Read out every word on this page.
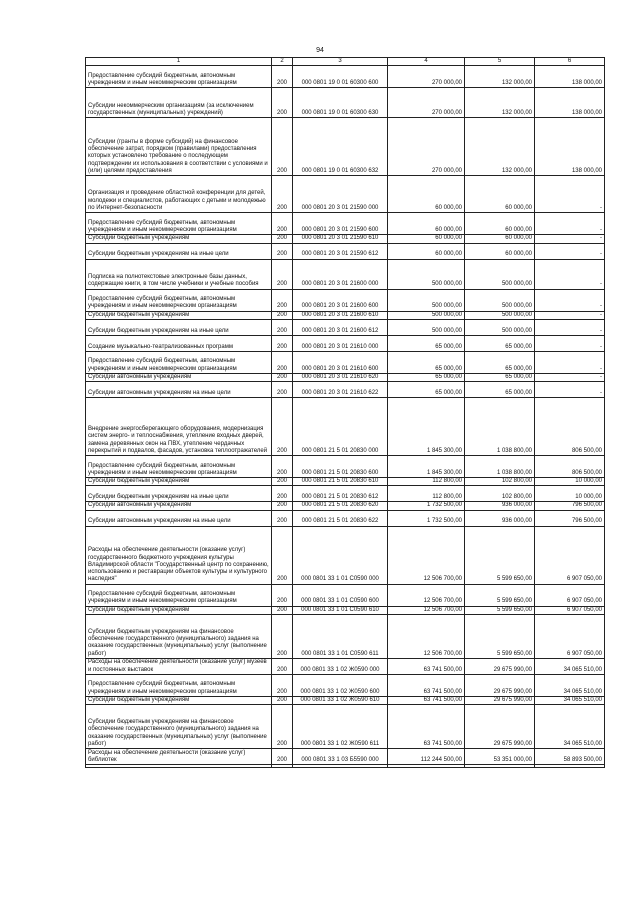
94
1	2	3	4	5	6
Предоставление субсидий бюджетным, автономным учреждениям и иным некоммерческим организациям	200	000 0801 19 0 01 60300 600	270 000,00	132 000,00	138 000,00
Субсидии некоммерческим организациям (за исключением государственных (муниципальных) учреждений)	200	000 0801 19 0 01 60300 630	270 000,00	132 000,00	138 000,00
Субсидии (гранты в форме субсидий) на финансовое обеспечение затрат, порядком (правилами) предоставления которых установлено требование о последующем подтверждении их использования в соответствии с условиями и (или) целями предоставления	200	000 0801 19 0 01 60300 632	270 000,00	132 000,00	138 000,00
Организация и проведение областной конференции для детей, молодежи и специалистов, работающих с детьми и молодежью по Интернет-безопасности	200	000 0801 20 3 01 21590 000	60 000,00	60 000,00	-
Предоставление субсидий бюджетным, автономным учреждениям и иным некоммерческим организациям	200	000 0801 20 3 01 21590 600	60 000,00	60 000,00	-
Субсидии бюджетным учреждениям	200	000 0801 20 3 01 21590 610	60 000,00	60 000,00	-
Субсидии бюджетным учреждениям на иные цели	200	000 0801 20 3 01 21590 612	60 000,00	60 000,00	-
Подписка на полнотекстовые электронные базы данных, содержащие книги, в том числе учебники и учебные пособия	200	000 0801 20 3 01 21600 000	500 000,00	500 000,00	-
Предоставление субсидий бюджетным, автономным учреждениям и иным некоммерческим организациям	200	000 0801 20 3 01 21600 600	500 000,00	500 000,00	-
Субсидии бюджетным учреждениям	200	000 0801 20 3 01 21600 610	500 000,00	500 000,00	-
Субсидии бюджетным учреждениям на иные цели	200	000 0801 20 3 01 21600 612	500 000,00	500 000,00	-
Создание музыкально-театрализованных программ	200	000 0801 20 3 01 21610 000	65 000,00	65 000,00	-
Предоставление субсидий бюджетным, автономным учреждениям и иным некоммерческим организациям	200	000 0801 20 3 01 21610 600	65 000,00	65 000,00	-
Субсидии автономным учреждениям	200	000 0801 20 3 01 21610 620	65 000,00	65 000,00	-
Субсидии автономным учреждениям на иные цели	200	000 0801 20 3 01 21610 622	65 000,00	65 000,00	-
Внедрение энергосберегающего оборудования, модернизация систем энерго- и теплоснабжения, утепление входных дверей, замена деревянных окон на ПВХ, утепление чердачных перекрытий и подвалов, фасадов, установка теплоотражателей	200	000 0801 21 5 01 20830 000	1 845 300,00	1 038 800,00	806 500,00
Предоставление субсидий бюджетным, автономным учреждениям и иным некоммерческим организациям	200	000 0801 21 5 01 20830 600	1 845 300,00	1 038 800,00	806 500,00
Субсидии бюджетным учреждениям	200	000 0801 21 5 01 20830 610	112 800,00	102 800,00	10 000,00
Субсидии бюджетным учреждениям на иные цели	200	000 0801 21 5 01 20830 612	112 800,00	102 800,00	10 000,00
Субсидии автономным учреждениям	200	000 0801 21 5 01 20830 620	1 732 500,00	936 000,00	796 500,00
Субсидии автономным учреждениям на иные цели	200	000 0801 21 5 01 20830 622	1 732 500,00	936 000,00	796 500,00
Расходы на обеспечение деятельности (оказание услуг) государственного бюджетного учреждения культуры Владимирской области "Государственный центр по сохранению, использованию и реставрации объектов культуры и культурного наследия"	200	000 0801 33 1 01 С0590 000	12 506 700,00	5 599 650,00	6 907 050,00
Предоставление субсидий бюджетным, автономным учреждениям и иным некоммерческим организациям	200	000 0801 33 1 01 С0590 600	12 506 700,00	5 599 650,00	6 907 050,00
Субсидии бюджетным учреждениям	200	000 0801 33 1 01 С0590 610	12 506 700,00	5 599 650,00	6 907 050,00
Субсидии бюджетным учреждениям на финансовое обеспечение государственного (муниципального) задания на оказание государственных (муниципальных) услуг (выполнение работ)	200	000 0801 33 1 01 С0590 611	12 506 700,00	5 599 650,00	6 907 050,00
Расходы на обеспечение деятельности (оказание услуг) музеев и постоянных выставок	200	000 0801 33 1 02 Ж0590 000	63 741 500,00	29 675 990,00	34 065 510,00
Предоставление субсидий бюджетным, автономным учреждениям и иным некоммерческим организациям	200	000 0801 33 1 02 Ж0590 600	63 741 500,00	29 675 990,00	34 065 510,00
Субсидии бюджетным учреждениям	200	000 0801 33 1 02 Ж0590 610	63 741 500,00	29 675 990,00	34 065 510,00
Субсидии бюджетным учреждениям на финансовое обеспечение государственного (муниципального) задания на оказание государственных (муниципальных) услуг (выполнение работ)	200	000 0801 33 1 02 Ж0590 611	63 741 500,00	29 675 990,00	34 065 510,00
Расходы на обеспечение деятельности (оказание услуг) библиотек	200	000 0801 33 1 03 Б5590 000	112 244 500,00	53 351 000,00	58 893 500,00
